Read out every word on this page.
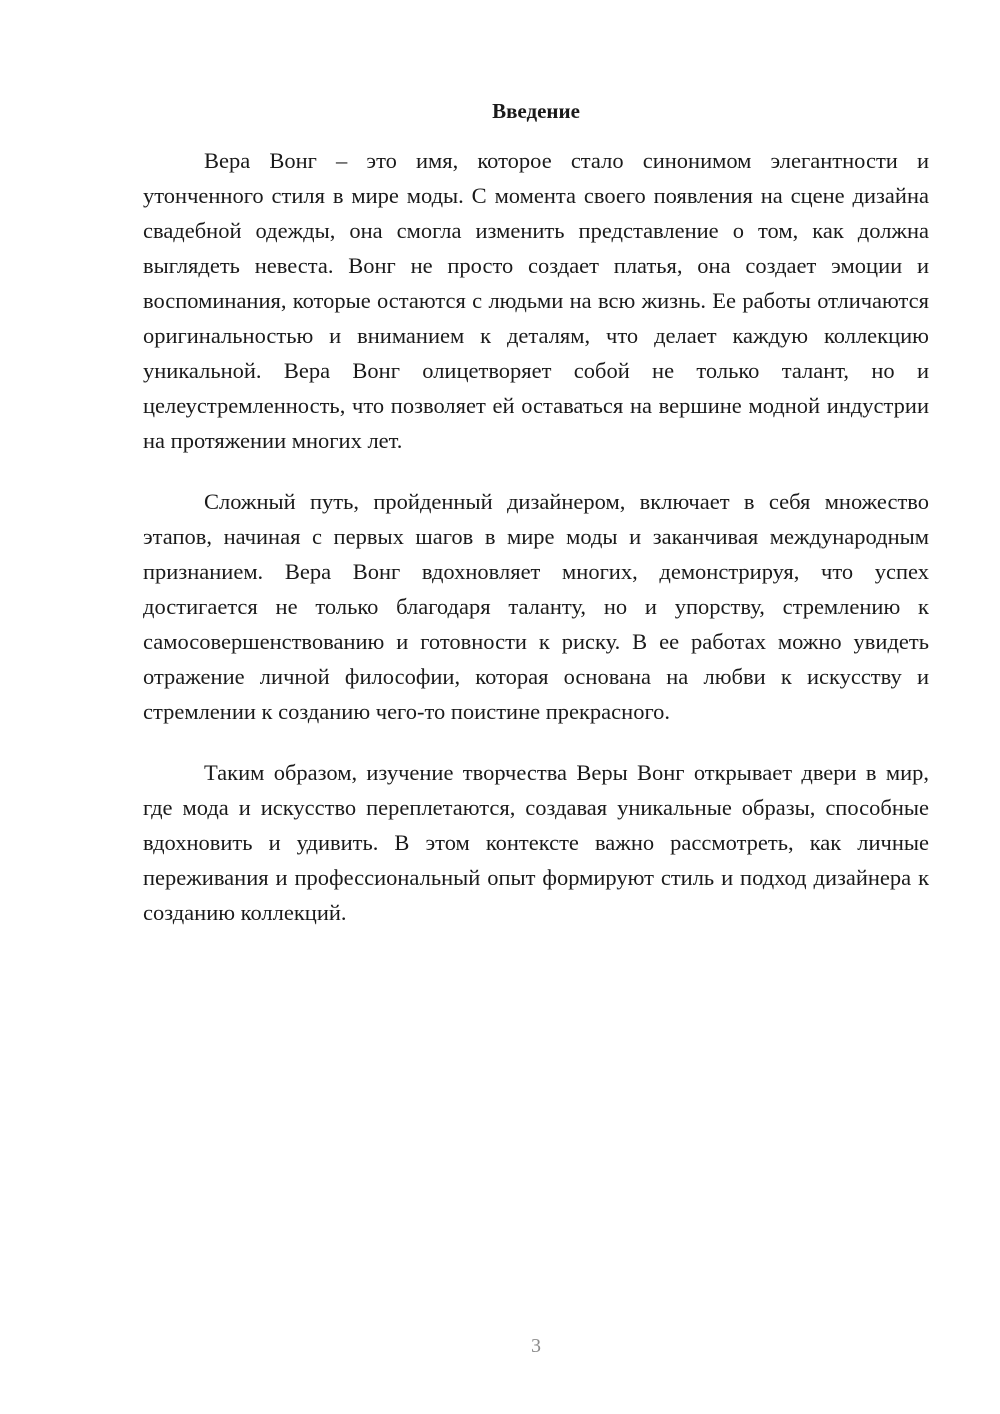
Введение

Вера Вонг – это имя, которое стало синонимом элегантности и утонченного стиля в мире моды. С момента своего появления на сцене дизайна свадебной одежды, она смогла изменить представление о том, как должна выглядеть невеста. Вонг не просто создает платья, она создает эмоции и воспоминания, которые остаются с людьми на всю жизнь. Ее работы отличаются оригинальностью и вниманием к деталям, что делает каждую коллекцию уникальной. Вера Вонг олицетворяет собой не только талант, но и целеустремленность, что позволяет ей оставаться на вершине модной индустрии на протяжении многих лет.

Сложный путь, пройденный дизайнером, включает в себя множество этапов, начиная с первых шагов в мире моды и заканчивая международным признанием. Вера Вонг вдохновляет многих, демонстрируя, что успех достигается не только благодаря таланту, но и упорству, стремлению к самосовершенствованию и готовности к риску. В ее работах можно увидеть отражение личной философии, которая основана на любви к искусству и стремлении к созданию чего-то поистине прекрасного.

Таким образом, изучение творчества Веры Вонг открывает двери в мир, где мода и искусство переплетаются, создавая уникальные образы, способные вдохновить и удивить. В этом контексте важно рассмотреть, как личные переживания и профессиональный опыт формируют стиль и подход дизайнера к созданию коллекций.

3
